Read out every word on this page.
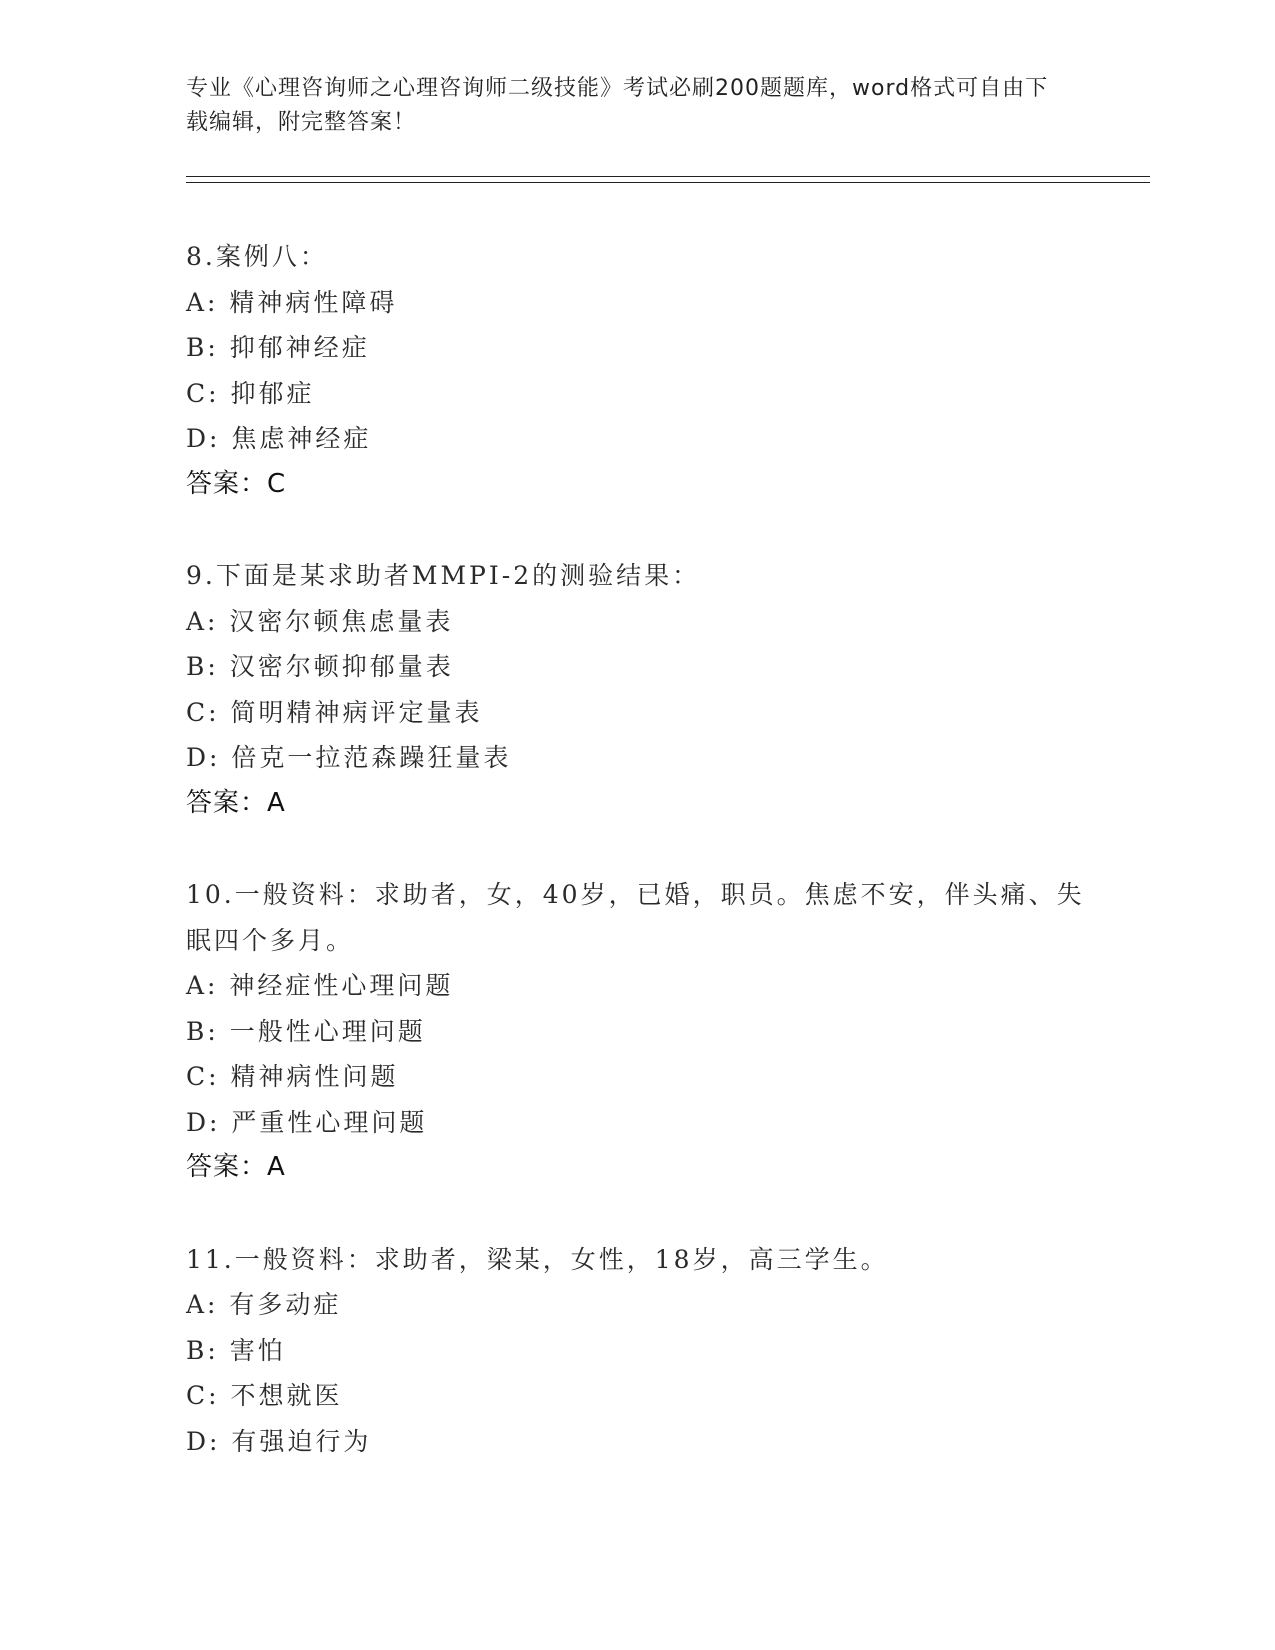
专业《心理咨询师之心理咨询师二级技能》考试必刷200题题库，word格式可自由下载编辑，附完整答案！

8.案例八：

A: 精神病性障碍

B: 抑郁神经症

C: 抑郁症

D: 焦虑神经症

答案：C

9.下面是某求助者MMPI-2的测验结果：

A: 汉密尔顿焦虑量表

B: 汉密尔顿抑郁量表

C: 简明精神病评定量表

D: 倍克一拉范森躁狂量表

答案：A

10.一般资料：求助者，女，40岁，已婚，职员。焦虑不安，伴头痛、失眠四个多月。

A: 神经症性心理问题

B: 一般性心理问题

C: 精神病性问题

D: 严重性心理问题

答案：A

11.一般资料：求助者，梁某，女性，18岁，高三学生。

A: 有多动症

B: 害怕

C: 不想就医

D: 有强迫行为
